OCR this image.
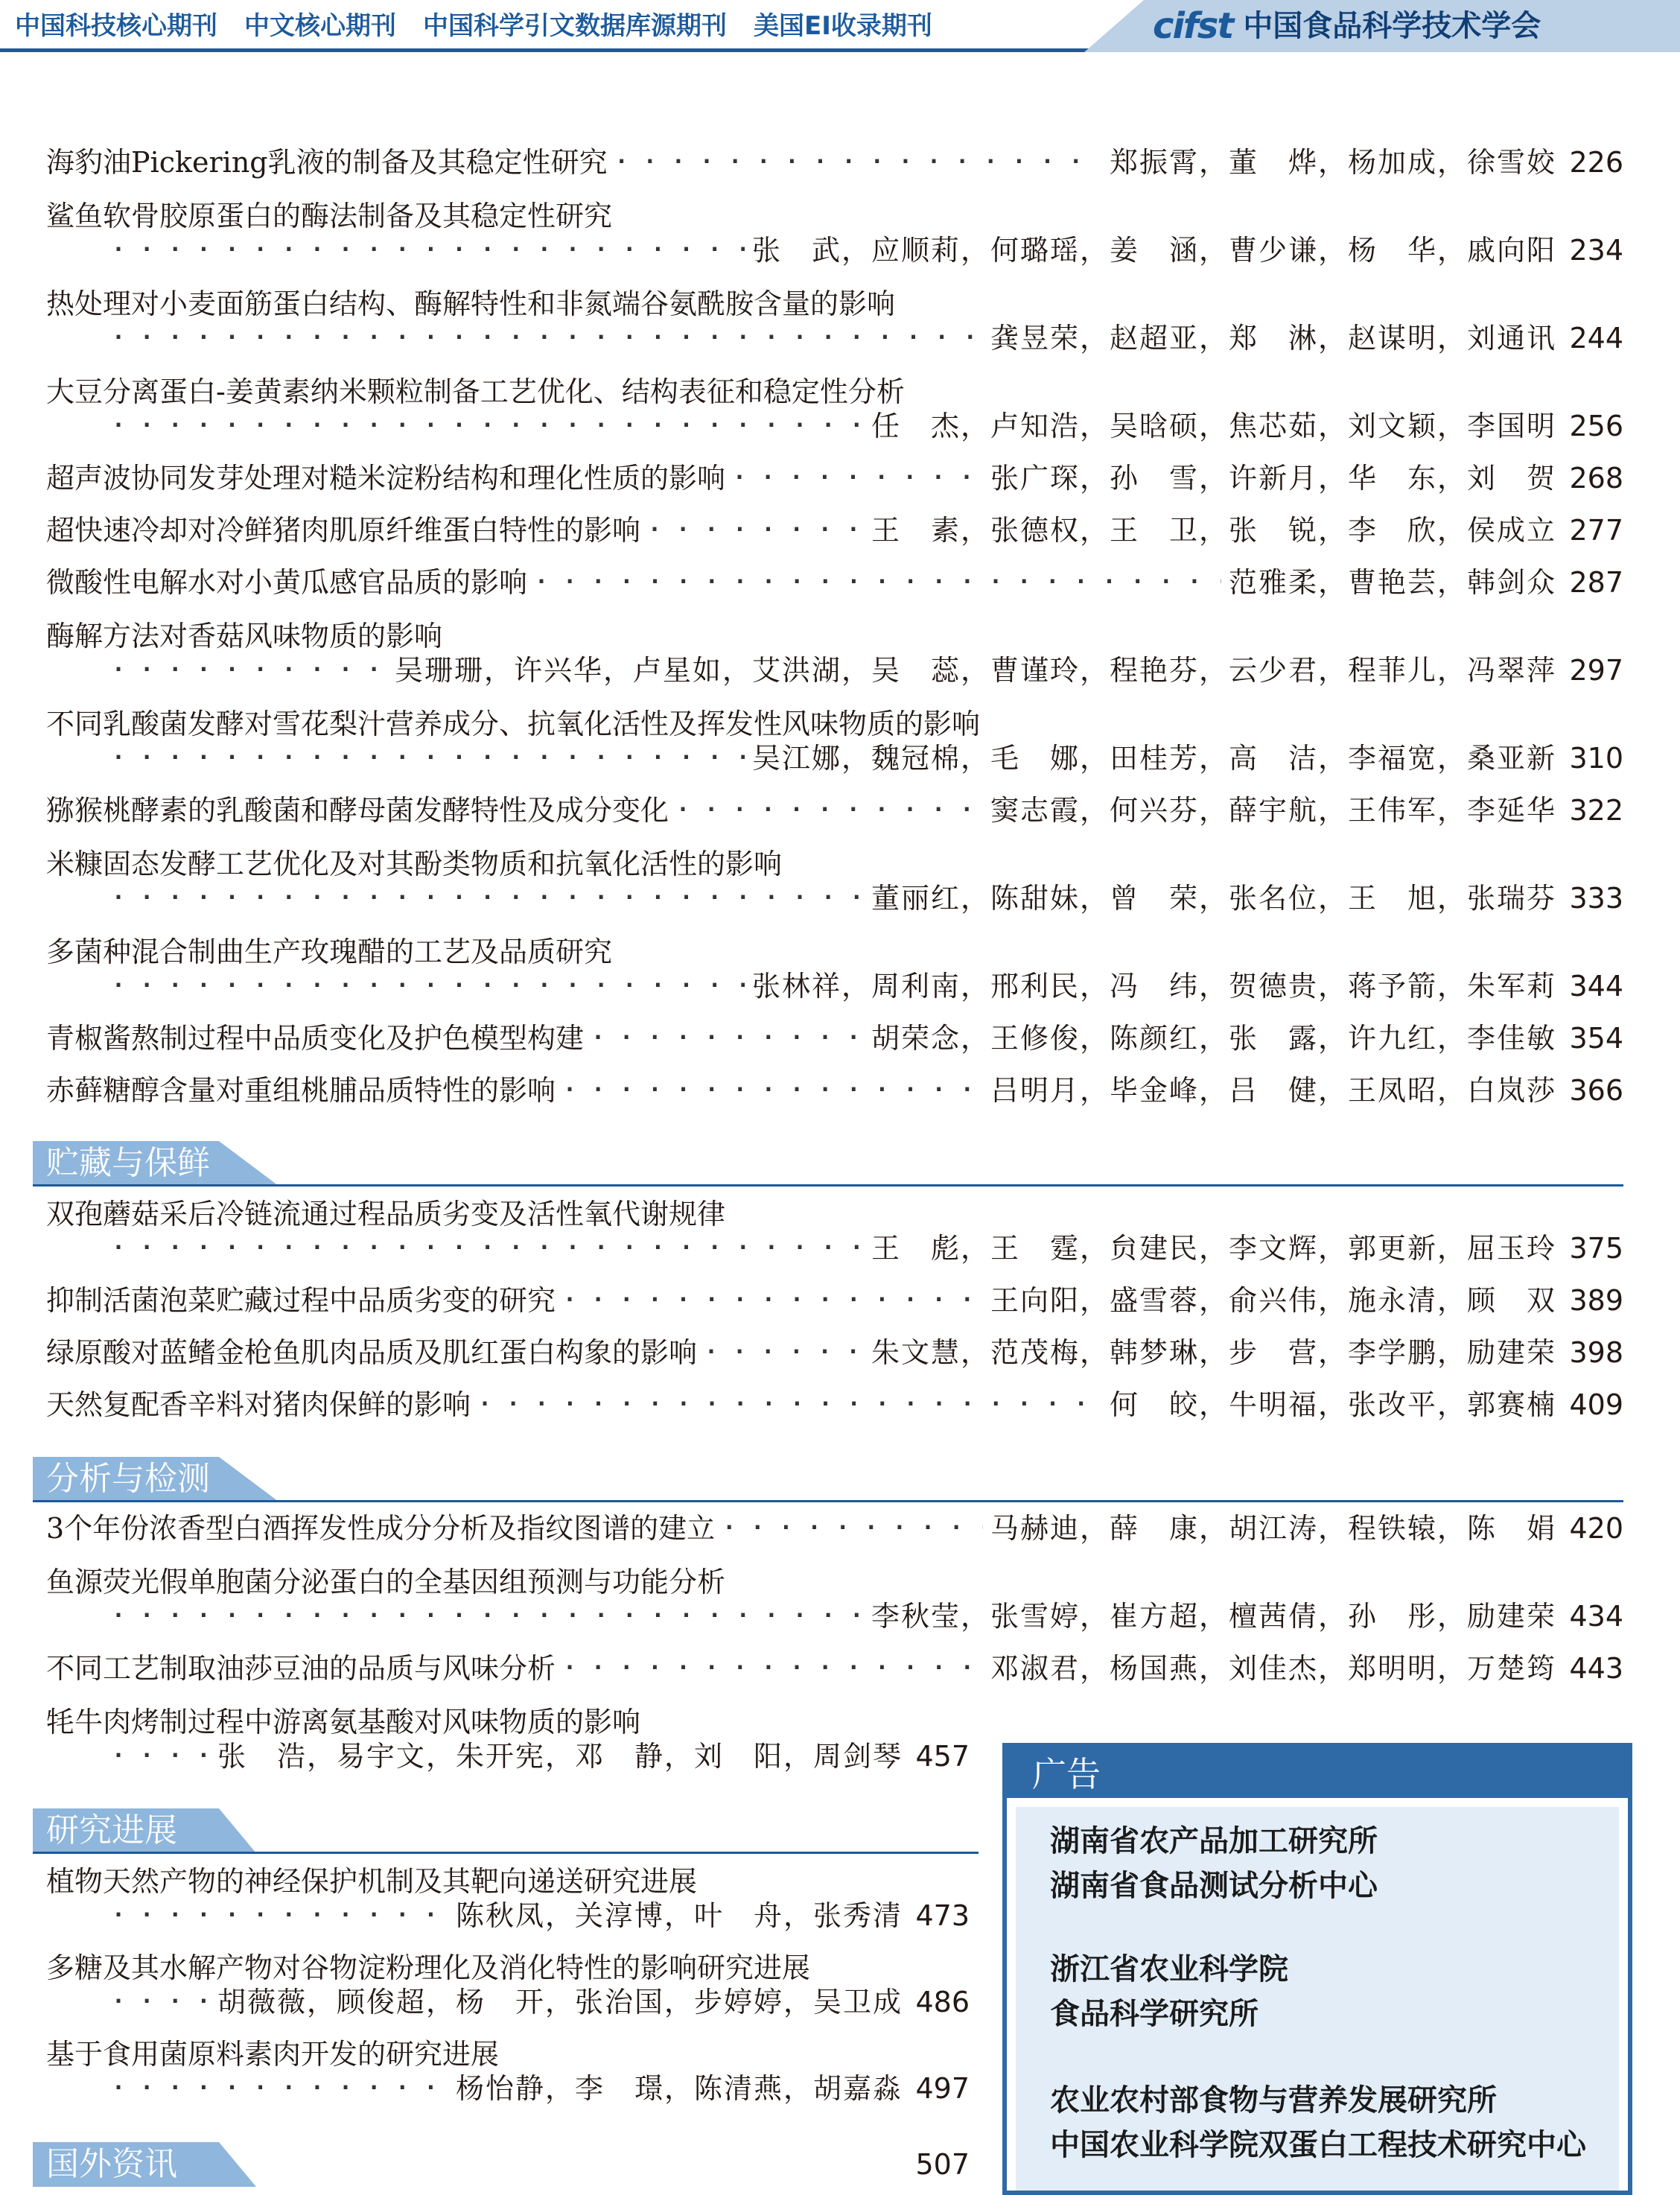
中国科技核心期刊 中文核心期刊 中国科学引文数据库源期刊 美国EI收录期刊	cifst 中国食品科学技术学会
海豹油Pickering乳液的制备及其稳定性研究 · · ·	郑振霄，董　烨，杨加成，徐雪姣 226
鲨鱼软骨胶原蛋白的酶法制备及其稳定性研究
· · ·
张　武，应顺莉，何璐瑶，姜　涵，曹少谦，杨　华，戚向阳 234
热处理对小麦面筋蛋白结构、酶解特性和非氮端谷氨酰胺含量的影响
· · ·
龚昱荣，赵超亚，郑　淋，赵谋明，刘通讯 244
大豆分离蛋白-姜黄素纳米颗粒制备工艺优化、结构表征和稳定性分析
· · ·
任　杰，卢知浩，吴晗硕，焦芯茹，刘文颖，李国明 256
超声波协同发芽处理对糙米淀粉结构和理化性质的影响 · · ·	张广琛，孙　雪，许新月，华　东，刘　贺 268
超快速冷却对冷鲜猪肉肌原纤维蛋白特性的影响 · · ·	王　素，张德权，王　卫，张　锐，李　欣，侯成立 277
微酸性电解水对小黄瓜感官品质的影响 · · ·	范雅柔，曹艳芸，韩剑众 287
酶解方法对香菇风味物质的影响
· · ·
吴珊珊，许兴华，卢星如，艾洪湖，吴　蕊，曹谨玲，程艳芬，云少君，程菲儿，冯翠萍 297
不同乳酸菌发酵对雪花梨汁营养成分、抗氧化活性及挥发性风味物质的影响
· · ·
吴江娜，魏冠棉，毛　娜，田桂芳，高　洁，李福宽，桑亚新 310
猕猴桃酵素的乳酸菌和酵母菌发酵特性及成分变化 · · ·	窦志霞，何兴芬，薛宇航，王伟军，李延华 322
米糠固态发酵工艺优化及对其酚类物质和抗氧化活性的影响
· · ·
董丽红，陈甜妹，曾　荣，张名位，王　旭，张瑞芬 333
多菌种混合制曲生产玫瑰醋的工艺及品质研究
· · ·
张林祥，周利南，邢利民，冯　纬，贺德贵，蒋予箭，朱军莉 344
青椒酱熬制过程中品质变化及护色模型构建 · · ·	胡荣念，王修俊，陈颜红，张　露，许九红，李佳敏 354
赤藓糖醇含量对重组桃脯品质特性的影响 · · ·	吕明月，毕金峰，吕　健，王凤昭，白岚莎 366
贮藏与保鲜
双孢蘑菇采后冷链流通过程品质劣变及活性氧代谢规律
· · ·
王　彪，王　霆，贠建民，李文辉，郭更新，屈玉玲 375
抑制活菌泡菜贮藏过程中品质劣变的研究 · · ·	王向阳，盛雪蓉，俞兴伟，施永清，顾　双 389
绿原酸对蓝鳍金枪鱼肌肉品质及肌红蛋白构象的影响 · · ·	朱文慧，范茂梅，韩梦琳，步　营，李学鹏，励建荣 398
天然复配香辛料对猪肉保鲜的影响 · · ·	何　皎，牛明福，张改平，郭赛楠 409
分析与检测
3个年份浓香型白酒挥发性成分分析及指纹图谱的建立 · · ·	马赫迪，薛　康，胡江涛，程铁辕，陈　娟 420
鱼源荧光假单胞菌分泌蛋白的全基因组预测与功能分析
· · ·
李秋莹，张雪婷，崔方超，檀茜倩，孙　彤，励建荣 434
不同工艺制取油莎豆油的品质与风味分析 · · ·	邓淑君，杨国燕，刘佳杰，郑明明，万楚筠 443
牦牛肉烤制过程中游离氨基酸对风味物质的影响
· · ·
张　浩，易宇文，朱开宪，邓　静，刘　阳，周剑琴 457
研究进展
植物天然产物的神经保护机制及其靶向递送研究进展
· · ·
陈秋凤，关淳博，叶　舟，张秀清 473
多糖及其水解产物对谷物淀粉理化及消化特性的影响研究进展
· · ·
胡薇薇，顾俊超，杨　开，张治国，步婷婷，吴卫成 486
基于食用菌原料素肉开发的研究进展
· · ·
杨怡静，李　璟，陈清燕，胡嘉淼 497
国外资讯	507
广告
湖南省农产品加工研究所
湖南省食品测试分析中心
浙江省农业科学院
食品科学研究所
农业农村部食物与营养发展研究所
中国农业科学院双蛋白工程技术研究中心
